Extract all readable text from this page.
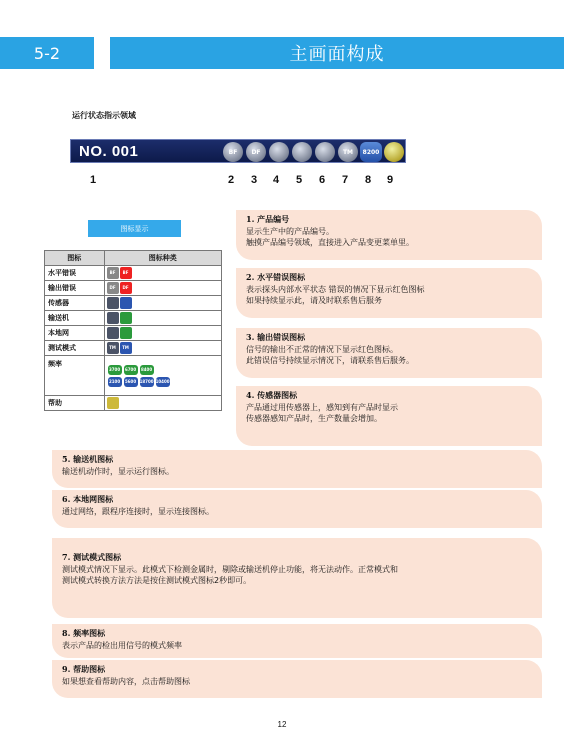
5-2	主画面构成
运行状态指示领域
NO. 001	BF	DF	TM	8200
1	2 3 4 5 6 7 8 9
图标显示
图标	图标种类
水平错误	BF BF
输出错误	DF DF
传感器	
输送机	
本地网	
测试模式	TM TM
频率	3700 6700 8400
2100 5600 18700 10400

帮助	
1. 产品编号
显示生产中的产品编号。
触摸产品编号领域，直接进入产品变更菜单里。
2. 水平错误图标
表示探头内部水平状态 错误的情况下显示红色图标
如果持续显示此，请及时联系售后服务
3. 输出错误图标
信号的输出不正常的情况下显示红色图标。
此错误信号持续显示情况下，请联系售后服务。
4. 传感器图标
产品通过用传感器上，感知到有产品时显示
传感器感知产品时，生产数量会增加。
5. 输送机图标
输送机动作时，显示运行图标。
6. 本地网图标
通过网络，跟程序连接时，显示连接图标。
7. 测试模式图标
测试模式情况下显示。此模式下检测金属时，剔除或输送机停止功能，将无法动作。正常模式和
测试模式转换方法方法是按住测试模式图标2秒即可。
8. 频率图标
表示产品的检出用信号的模式频率
9. 帮助图标
如果想查看帮助内容，点击帮助图标
12
